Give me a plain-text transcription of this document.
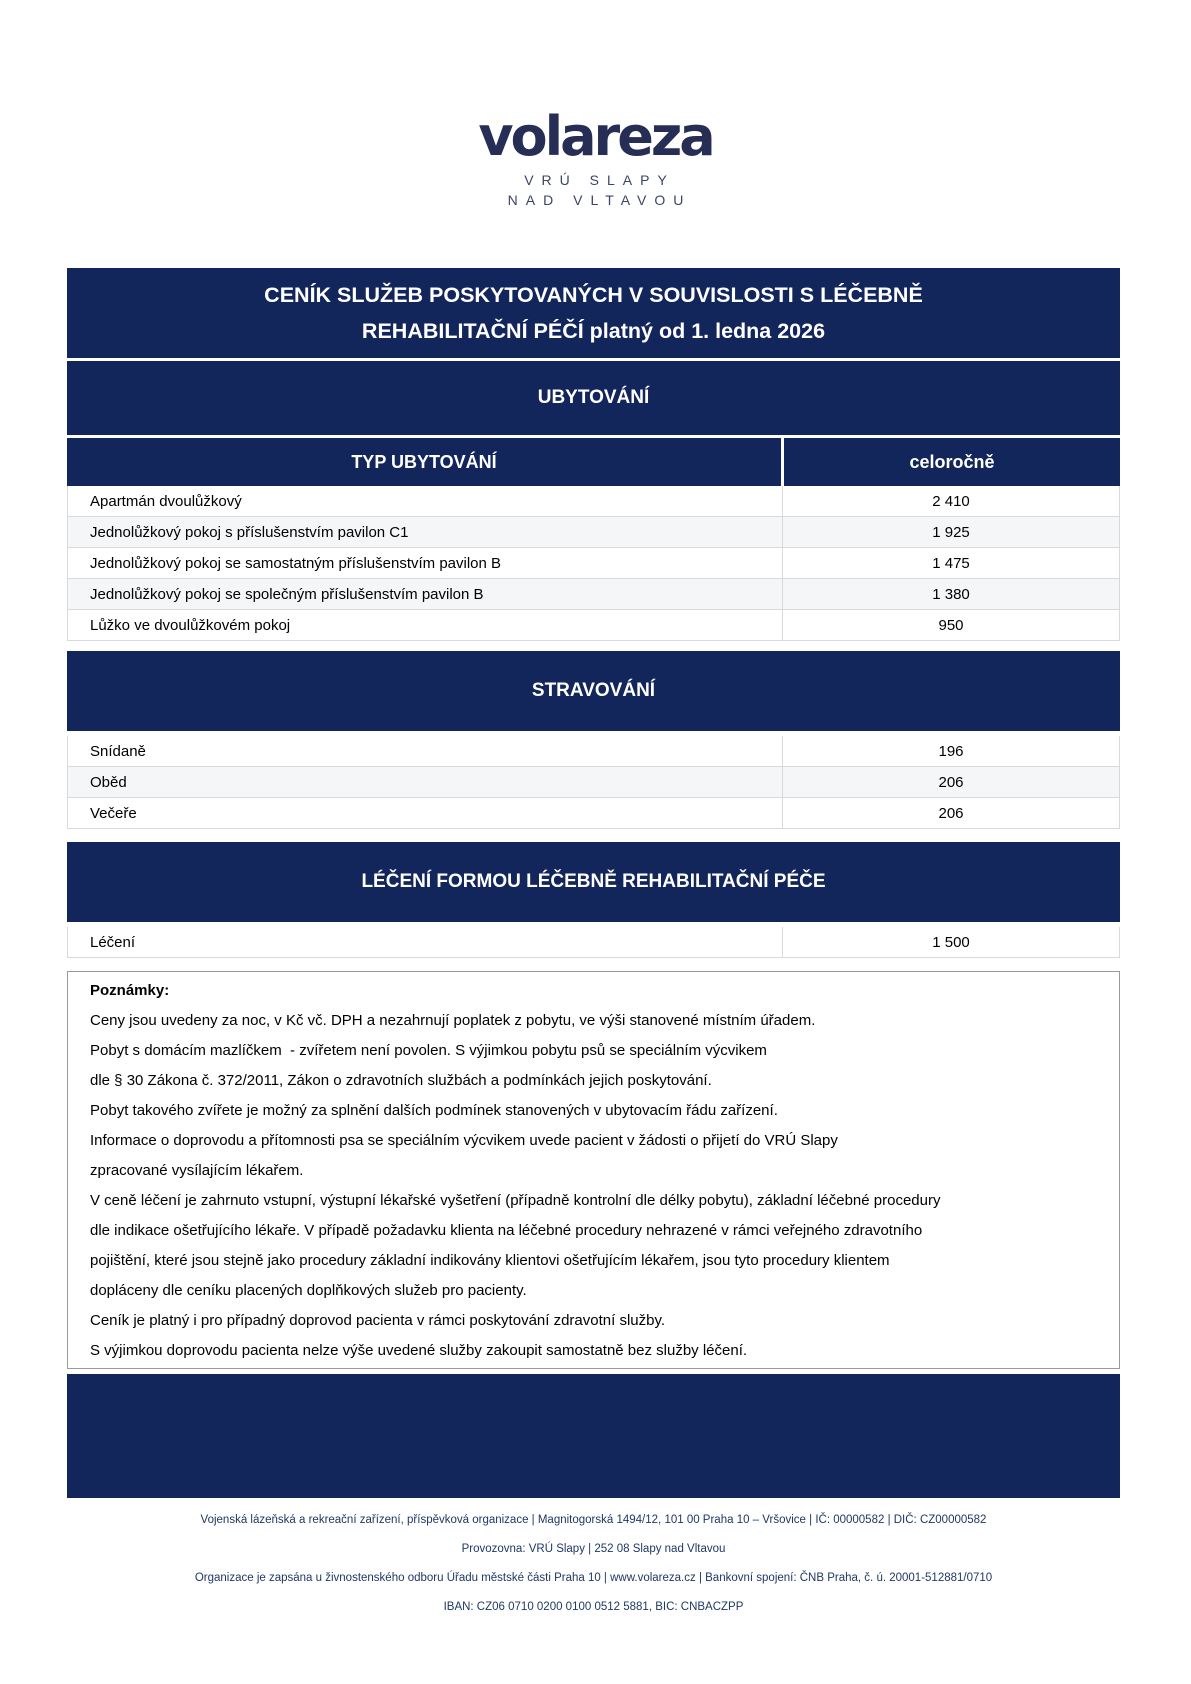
volareza
VRÚ SLAPY
NAD VLTAVOU
CENÍK SLUŽEB POSKYTOVANÝCH V SOUVISLOSTI S LÉČEBNĚ
REHABILITAČNÍ PÉČÍ platný od 1. ledna 2026
UBYTOVÁNÍ
TYP UBYTOVÁNÍ	celoročně
Apartmán dvoulůžkový	2 410
Jednolůžkový pokoj s příslušenstvím pavilon C1	1 925
Jednolůžkový pokoj se samostatným příslušenstvím pavilon B	1 475
Jednolůžkový pokoj se společným příslušenstvím pavilon B	1 380
Lůžko ve dvoulůžkovém pokoj	950
STRAVOVÁNÍ
Snídaně	196
Oběd	206
Večeře	206
LÉČENÍ FORMOU LÉČEBNĚ REHABILITAČNÍ PÉČE
Léčení	1 500
Poznámky:
Ceny jsou uvedeny za noc, v Kč vč. DPH a nezahrnují poplatek z pobytu, ve výši stanovené místním úřadem.
Pobyt s domácím mazlíčkem  - zvířetem není povolen. S výjimkou pobytu psů se speciálním výcvikem
dle § 30 Zákona č. 372/2011, Zákon o zdravotních službách a podmínkách jejich poskytování.
Pobyt takového zvířete je možný za splnění dalších podmínek stanovených v ubytovacím řádu zařízení.
Informace o doprovodu a přítomnosti psa se speciálním výcvikem uvede pacient v žádosti o přijetí do VRÚ Slapy
zpracované vysílajícím lékařem.
V ceně léčení je zahrnuto vstupní, výstupní lékařské vyšetření (případně kontrolní dle délky pobytu), základní léčebné procedury
dle indikace ošetřujícího lékaře. V případě požadavku klienta na léčebné procedury nehrazené v rámci veřejného zdravotního
pojištění, které jsou stejně jako procedury základní indikovány klientovi ošetřujícím lékařem, jsou tyto procedury klientem
dopláceny dle ceníku placených doplňkových služeb pro pacienty.
Ceník je platný i pro případný doprovod pacienta v rámci poskytování zdravotní služby.
S výjimkou doprovodu pacienta nelze výše uvedené služby zakoupit samostatně bez služby léčení.
Vojenská lázeňská a rekreační zařízení, příspěvková organizace | Magnitogorská 1494/12, 101 00 Praha 10 – Vršovice | IČ: 00000582 | DIČ: CZ00000582
Provozovna: VRÚ Slapy | 252 08 Slapy nad Vltavou
Organizace je zapsána u živnostenského odboru Úřadu městské části Praha 10 | www.volareza.cz | Bankovní spojení: ČNB Praha, č. ú. 20001-512881/0710
IBAN: CZ06 0710 0200 0100 0512 5881, BIC: CNBACZPP
